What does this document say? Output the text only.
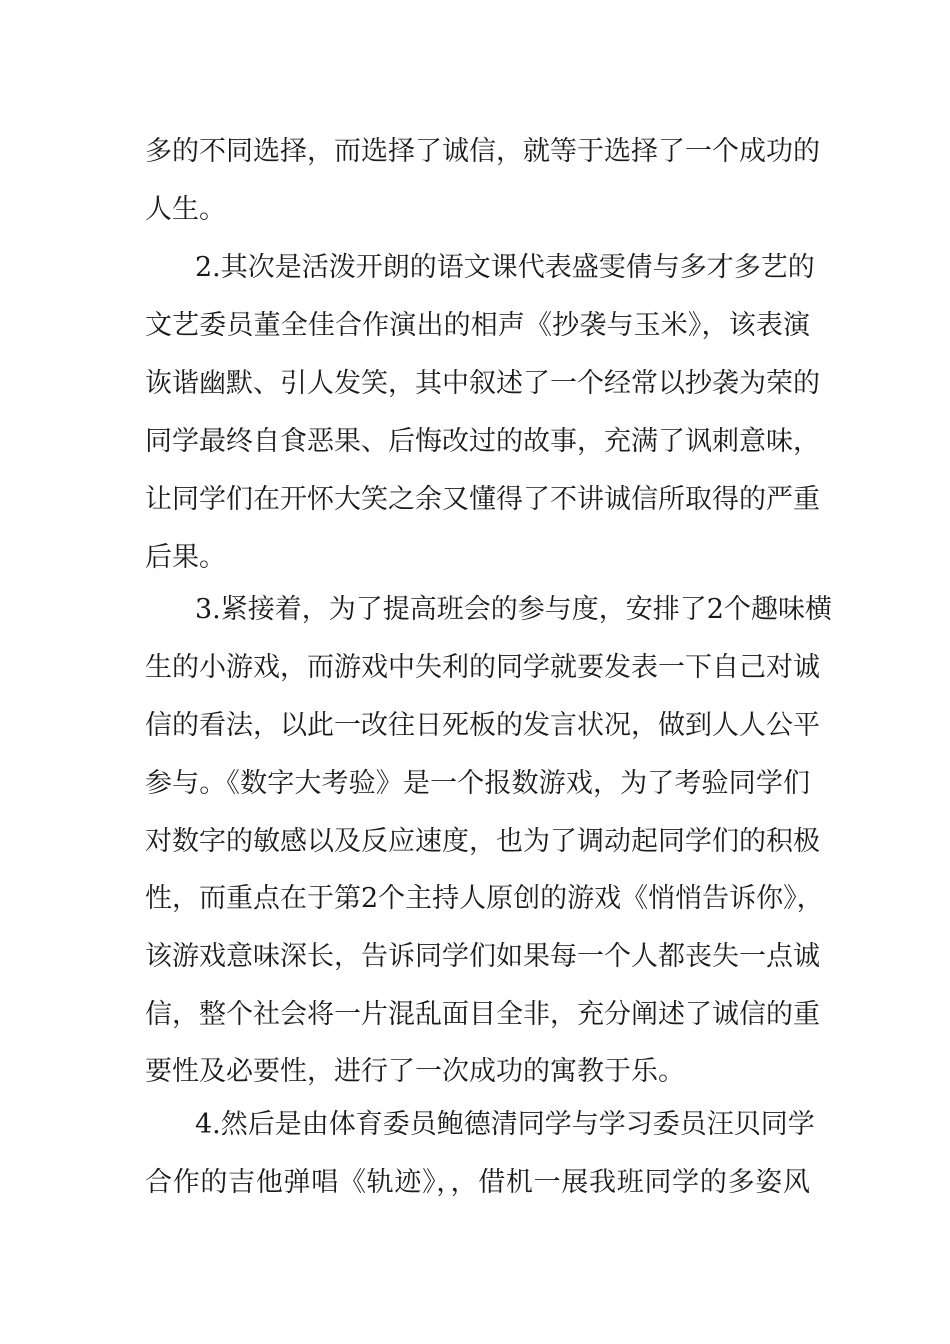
多的不同选择，而选择了诚信，就等于选择了一个成功的
人生。
2.其次是活泼开朗的语文课代表盛雯倩与多才多艺的
文艺委员董全佳合作演出的相声《抄袭与玉米》，该表演
诙谐幽默、引人发笑，其中叙述了一个经常以抄袭为荣的
同学最终自食恶果、后悔改过的故事，充满了讽刺意味，
让同学们在开怀大笑之余又懂得了不讲诚信所取得的严重
后果。
3.紧接着，为了提高班会的参与度，安排了2个趣味横
生的小游戏，而游戏中失利的同学就要发表一下自己对诚
信的看法，以此一改往日死板的发言状况，做到人人公平
参与。《数字大考验》是一个报数游戏，为了考验同学们
对数字的敏感以及反应速度，也为了调动起同学们的积极
性，而重点在于第2个主持人原创的游戏《悄悄告诉你》，
该游戏意味深长，告诉同学们如果每一个人都丧失一点诚
信，整个社会将一片混乱面目全非，充分阐述了诚信的重
要性及必要性，进行了一次成功的寓教于乐。
4.然后是由体育委员鲍德清同学与学习委员汪贝同学
合作的吉他弹唱《轨迹》，，借机一展我班同学的多姿风
